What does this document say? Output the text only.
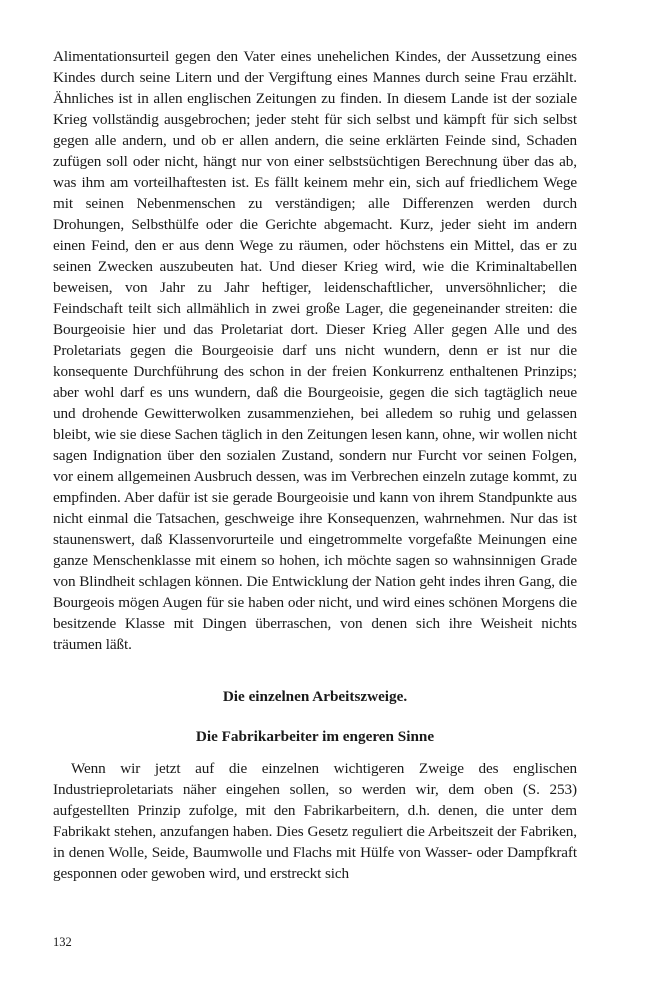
Alimentationsurteil gegen den Vater eines unehelichen Kindes, der Aussetzung eines Kindes durch seine Litern und der Vergiftung eines Mannes durch seine Frau erzählt. Ähnliches ist in allen englischen Zeitungen zu finden. In diesem Lande ist der soziale Krieg vollständig ausgebrochen; jeder steht für sich selbst und kämpft für sich selbst gegen alle andern, und ob er allen andern, die seine erklärten Feinde sind, Schaden zufügen soll oder nicht, hängt nur von einer selbstsüchtigen Berechnung über das ab, was ihm am vorteilhaftesten ist. Es fällt keinem mehr ein, sich auf friedlichem Wege mit seinen Nebenmenschen zu verständigen; alle Differenzen werden durch Drohungen, Selbsthülfe oder die Gerichte abgemacht. Kurz, jeder sieht im andern einen Feind, den er aus denn Wege zu räumen, oder höchstens ein Mittel, das er zu seinen Zwecken auszubeuten hat. Und dieser Krieg wird, wie die Kriminaltabellen beweisen, von Jahr zu Jahr heftiger, leidenschaftlicher, unversöhnlicher; die Feindschaft teilt sich allmählich in zwei große Lager, die gegeneinander streiten: die Bourgeoisie hier und das Proletariat dort. Dieser Krieg Aller gegen Alle und des Proletariats gegen die Bourgeoisie darf uns nicht wundern, denn er ist nur die konsequente Durchführung des schon in der freien Konkurrenz enthaltenen Prinzips; aber wohl darf es uns wundern, daß die Bourgeoisie, gegen die sich tagtäglich neue und drohende Gewitterwolken zusammenziehen, bei alledem so ruhig und gelassen bleibt, wie sie diese Sachen täglich in den Zeitungen lesen kann, ohne, wir wollen nicht sagen Indignation über den sozialen Zustand, sondern nur Furcht vor seinen Folgen, vor einem allgemeinen Ausbruch dessen, was im Verbrechen einzeln zutage kommt, zu empfinden. Aber dafür ist sie gerade Bourgeoisie und kann von ihrem Standpunkte aus nicht einmal die Tatsachen, geschweige ihre Konsequenzen, wahrnehmen. Nur das ist staunenswert, daß Klassenvorurteile und eingetrommelte vorgefaßte Meinungen eine ganze Menschenklasse mit einem so hohen, ich möchte sagen so wahnsinnigen Grade von Blindheit schlagen können. Die Entwicklung der Nation geht indes ihren Gang, die Bourgeois mögen Augen für sie haben oder nicht, und wird eines schönen Morgens die besitzende Klasse mit Dingen überraschen, von denen sich ihre Weisheit nichts träumen läßt.

Die einzelnen Arbeitszweige.
Die Fabrikarbeiter im engeren Sinne

Wenn wir jetzt auf die einzelnen wichtigeren Zweige des englischen Industrieproletariats näher eingehen sollen, so werden wir, dem oben (S. 253) aufgestellten Prinzip zufolge, mit den Fabrikarbeitern, d.h. denen, die unter dem Fabrikakt stehen, anzufangen haben. Dies Gesetz reguliert die Arbeitszeit der Fabriken, in denen Wolle, Seide, Baumwolle und Flachs mit Hülfe von Wasser- oder Dampfkraft gesponnen oder gewoben wird, und erstreckt sich

132
